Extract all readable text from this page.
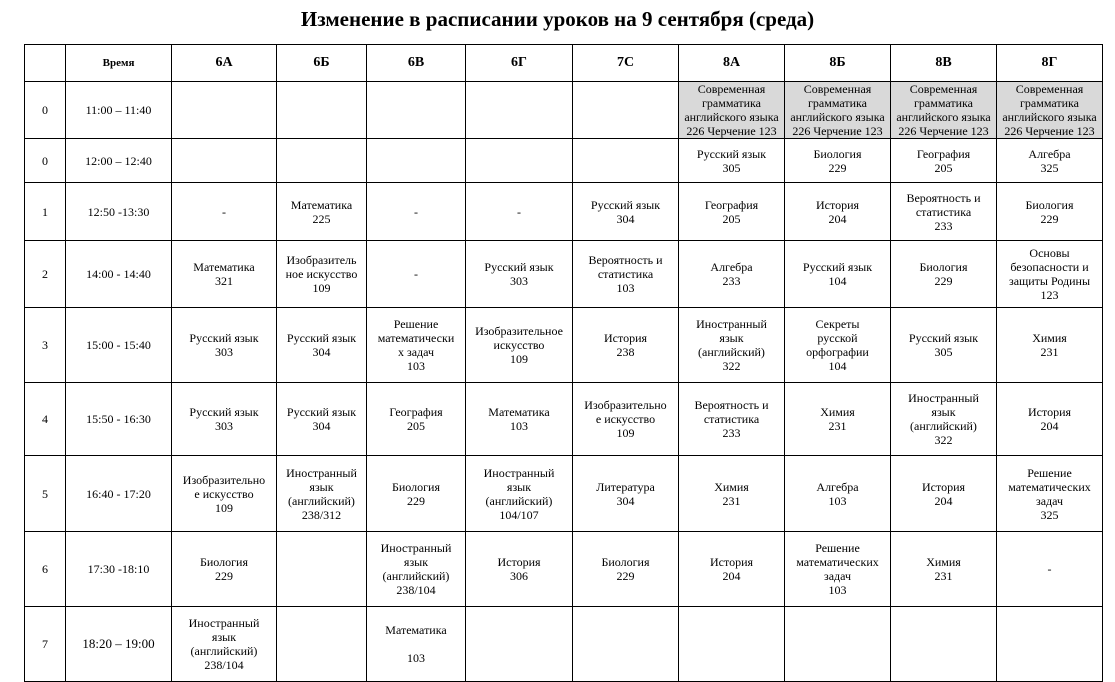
Изменение в расписании уроков на 9 сентября (среда)
	Время	6А	6Б	6В	6Г	7С	8А	8Б	8В	8Г
0	11:00 – 11:40						Современная
грамматика
английского языка
226 Черчение 123	Современная
грамматика
английского языка
226 Черчение 123	Современная
грамматика
английского языка
226 Черчение 123	Современная
грамматика
английского языка
226 Черчение 123

0	12:00 – 12:40						Русский язык
305	Биология
229	География
205	Алгебра
325

1	12:50 -13:30	-	Математика
225	-	-	Русский язык
304	География
205	История
204	Вероятность и
статистика
233	Биология
229

2	14:00 - 14:40	Математика
321	Изобразитель
ное искусство
109	-	Русский язык
303	Вероятность и
статистика
103	Алгебра
233	Русский язык
104	Биология
229	Основы
безопасности и
защиты Родины
123

3	15:00 - 15:40	Русский язык
303	Русский язык
304	Решение
математически
х задач
103	Изобразительное
искусство
109	История
238	Иностранный
язык
(английский)
322	Секреты
русской
орфографии
104	Русский язык
305	Химия
231

4	15:50 - 16:30	Русский язык
303	Русский язык
304	География
205	Математика
103	Изобразительно
е искусство
109	Вероятность и
статистика
233	Химия
231	Иностранный
язык
(английский)
322	История
204

5	16:40 - 17:20	Изобразительно
е искусство
109	Иностранный
язык
(английский)
238/312	Биология
229	Иностранный
язык
(английский)
104/107	Литература
304	Химия
231	Алгебра
103	История
204	Решение
математических
задач
325

6	17:30 -18:10	Биология
229		Иностранный
язык
(английский)
238/104	История
306	Биология
229	История
204	Решение
математических
задач
103	Химия
231	-

7	18:20 – 19:00	Иностранный
язык
(английский)
238/104		Математика

103						
